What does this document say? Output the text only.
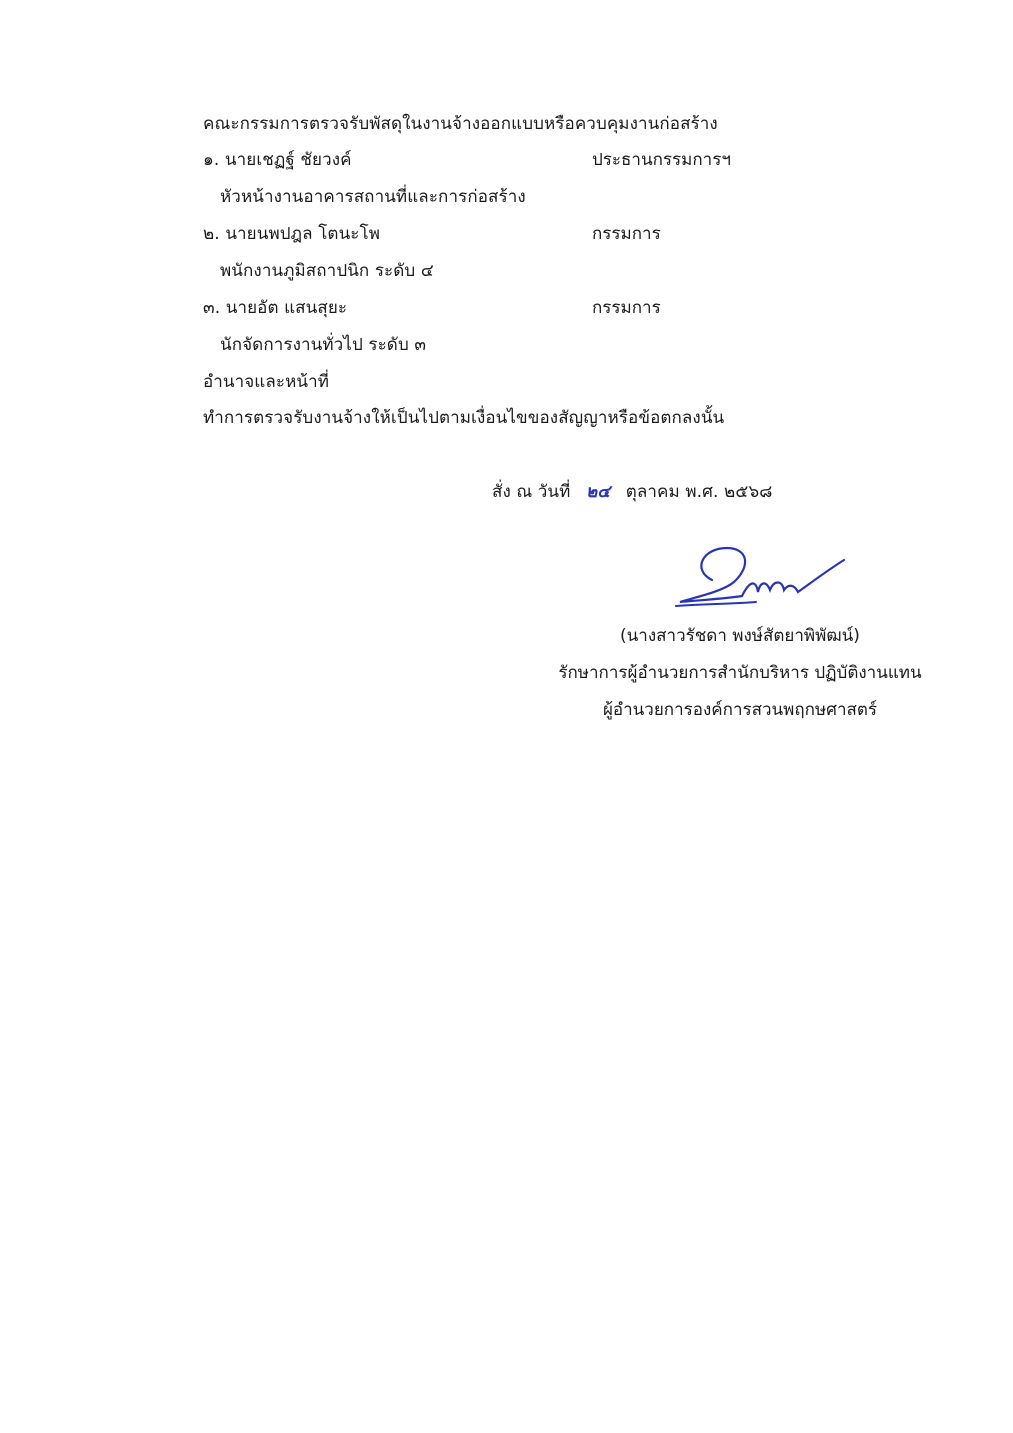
คณะกรรมการตรวจรับพัสดุในงานจ้างออกแบบหรือควบคุมงานก่อสร้าง
๑. นายเชฏฐ์ ชัยวงค์	ประธานกรรมการฯ
หัวหน้างานอาคารสถานที่และการก่อสร้าง
๒. นายนพปฎล โตนะโพ	กรรมการ
พนักงานภูมิสถาปนิก ระดับ ๔
๓. นายอัต แสนสุยะ	กรรมการ
นักจัดการงานทั่วไป ระดับ ๓
อำนาจและหน้าที่
ทำการตรวจรับงานจ้างให้เป็นไปตามเงื่อนไขของสัญญาหรือข้อตกลงนั้น
สั่ง ณ วันที่ ๒๔ ตุลาคม พ.ศ. ๒๕๖๘
(นางสาวรัชดา พงษ์สัตยาพิพัฒน์)
รักษาการผู้อำนวยการสำนักบริหาร ปฏิบัติงานแทน
ผู้อำนวยการองค์การสวนพฤกษศาสตร์
